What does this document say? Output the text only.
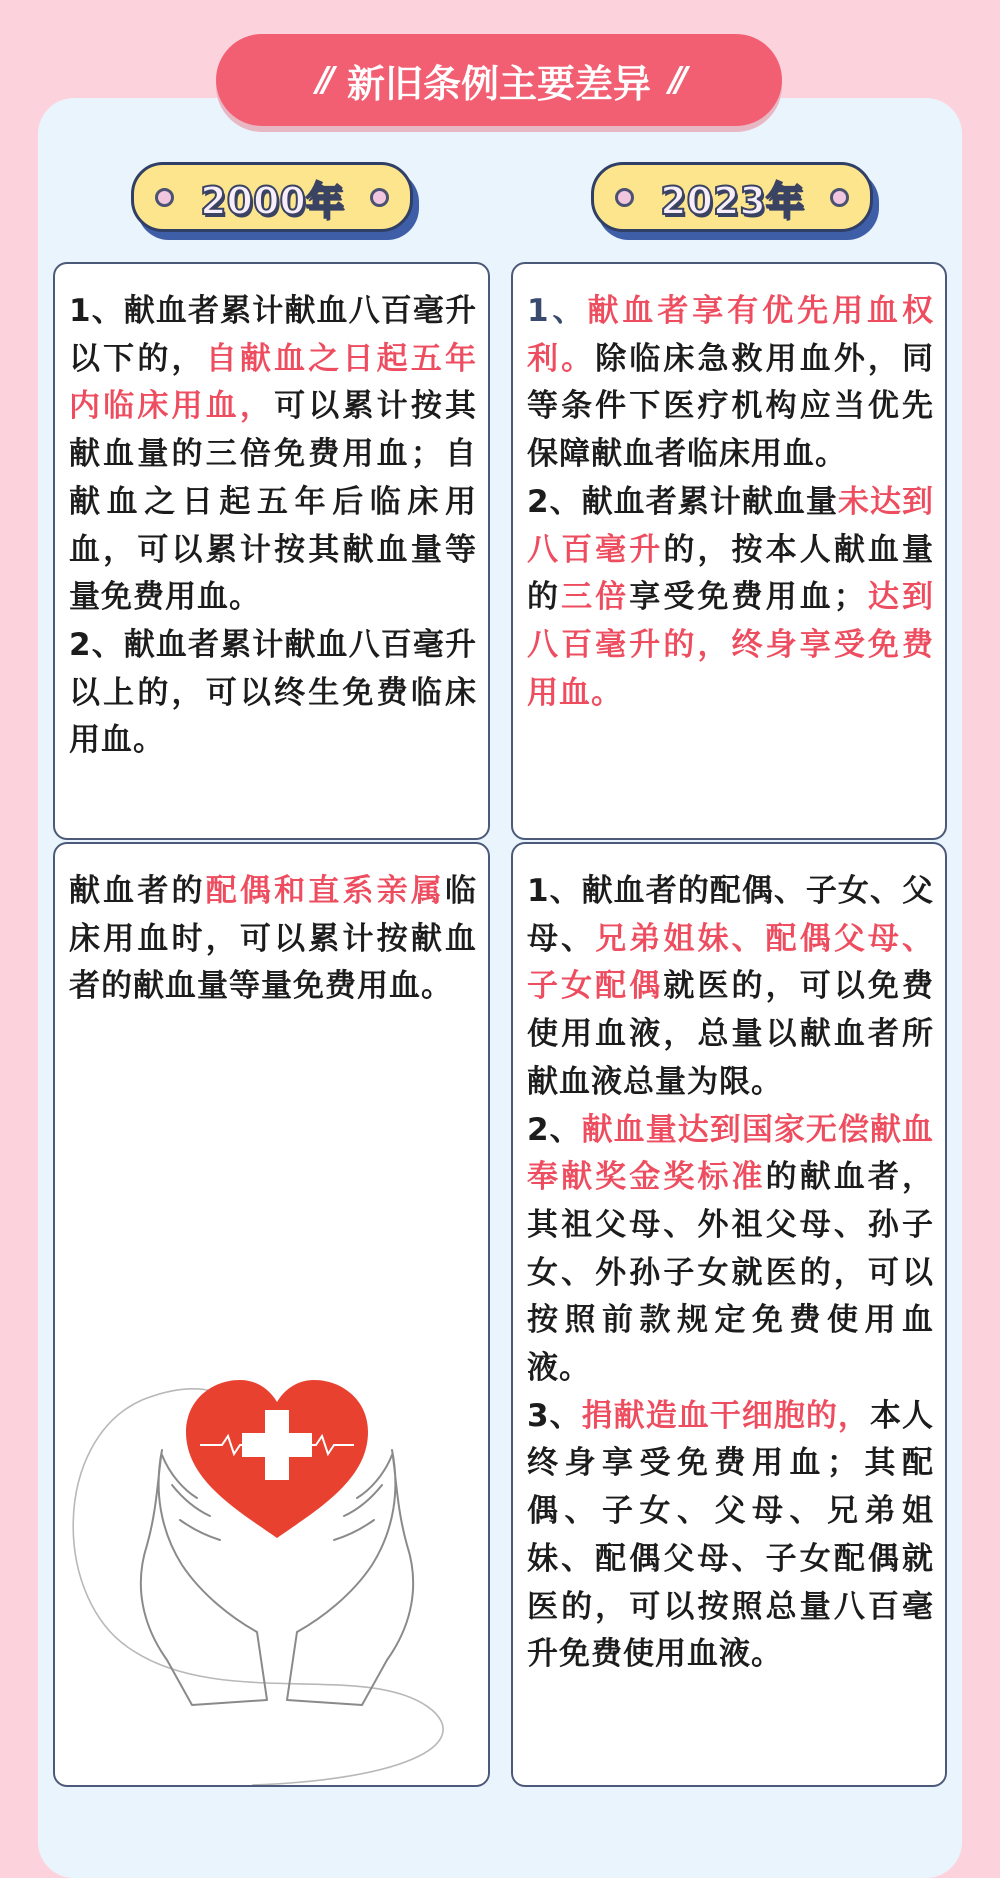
// 新旧条例主要差异 //
2000年	2023年

1、献血者累计献血八百毫升以下的，自献血之日起五年内临床用血，可以累计按其献血量的三倍免费用血；自献血之日起五年后临床用血，可以累计按其献血量等量免费用血。

2、献血者累计献血八百毫升以上的，可以终生免费临床用血。

1、献血者享有优先用血权利。除临床急救用血外，同等条件下医疗机构应当优先保障献血者临床用血。

2、献血者累计献血量未达到八百毫升的，按本人献血量的三倍享受免费用血；达到八百毫升的，终身享受免费用血。

献血者的配偶和直系亲属临床用血时，可以累计按献血者的献血量等量免费用血。

1、献血者的配偶、子女、父母、兄弟姐妹、配偶父母、子女配偶就医的，可以免费使用血液，总量以献血者所献血液总量为限。

2、献血量达到国家无偿献血奉献奖金奖标准的献血者，其祖父母、外祖父母、孙子女、外孙子女就医的，可以按照前款规定免费使用血液。

3、捐献造血干细胞的，本人终身享受免费用血；其配偶、子女、父母、兄弟姐妹、配偶父母、子女配偶就医的，可以按照总量八百毫升免费使用血液。
